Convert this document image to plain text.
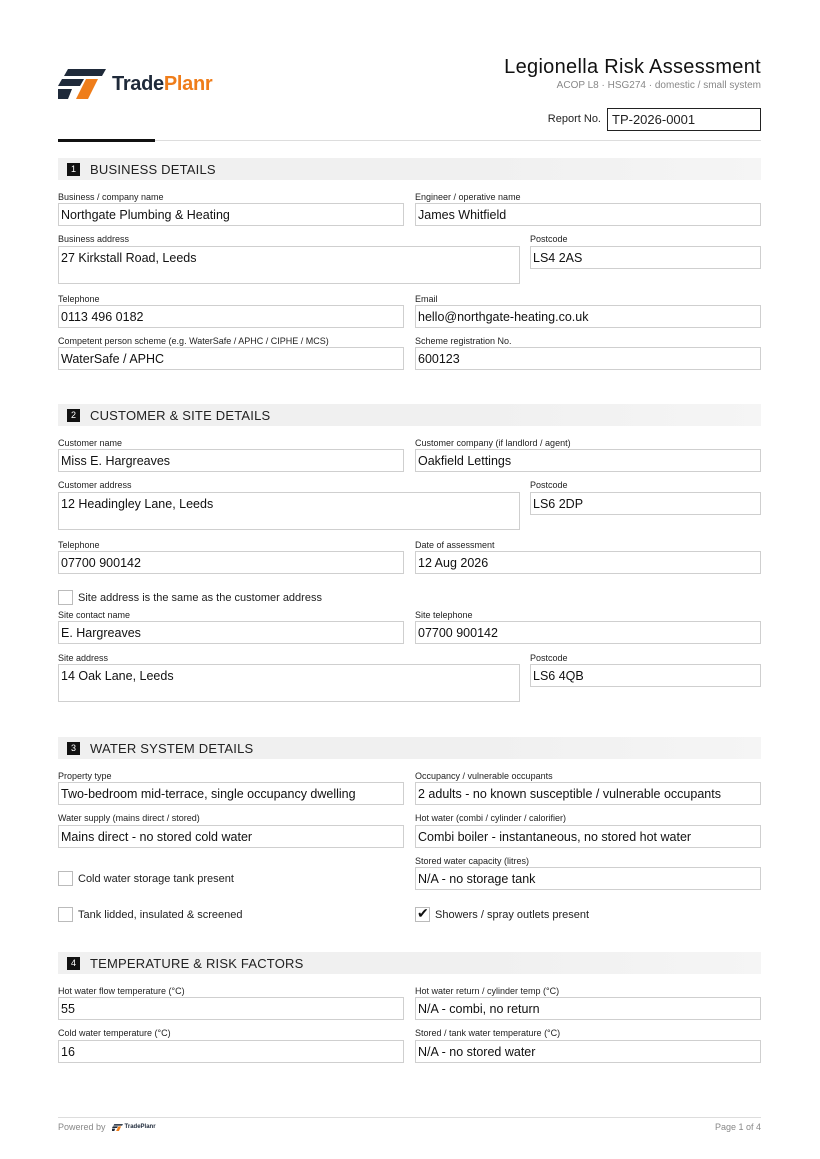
TradePlanr
Legionella Risk Assessment
ACOP L8 · HSG274 · domestic / small system
Report No. TP-2026-0001
1	BUSINESS DETAILS
Business / company name
Northgate Plumbing & Heating
Engineer / operative name
James Whitfield
Business address
27 Kirkstall Road, Leeds
Postcode
LS4 2AS
Telephone
0113 496 0182
Email
hello@northgate-heating.co.uk
Competent person scheme (e.g. WaterSafe / APHC / CIPHE / MCS)
WaterSafe / APHC
Scheme registration No.
600123
2	CUSTOMER & SITE DETAILS
Customer name
Miss E. Hargreaves
Customer company (if landlord / agent)
Oakfield Lettings
Customer address
12 Headingley Lane, Leeds
Postcode
LS6 2DP
Telephone
07700 900142
Date of assessment
12 Aug 2026
Site address is the same as the customer address
Site contact name
E. Hargreaves
Site telephone
07700 900142
Site address
14 Oak Lane, Leeds
Postcode
LS6 4QB
3	WATER SYSTEM DETAILS
Property type
Two-bedroom mid-terrace, single occupancy dwelling
Occupancy / vulnerable occupants
2 adults - no known susceptible / vulnerable occupants
Water supply (mains direct / stored)
Mains direct - no stored cold water
Hot water (combi / cylinder / calorifier)
Combi boiler - instantaneous, no stored hot water
Stored water capacity (litres)
N/A - no storage tank
Cold water storage tank present
Tank lidded, insulated & screened	✔ Showers / spray outlets present
4	TEMPERATURE & RISK FACTORS
Hot water flow temperature (°C)
55
Hot water return / cylinder temp (°C)
N/A - combi, no return
Cold water temperature (°C)
16
Stored / tank water temperature (°C)
N/A - no stored water
Powered by	TradePlanr	Page 1 of 4
